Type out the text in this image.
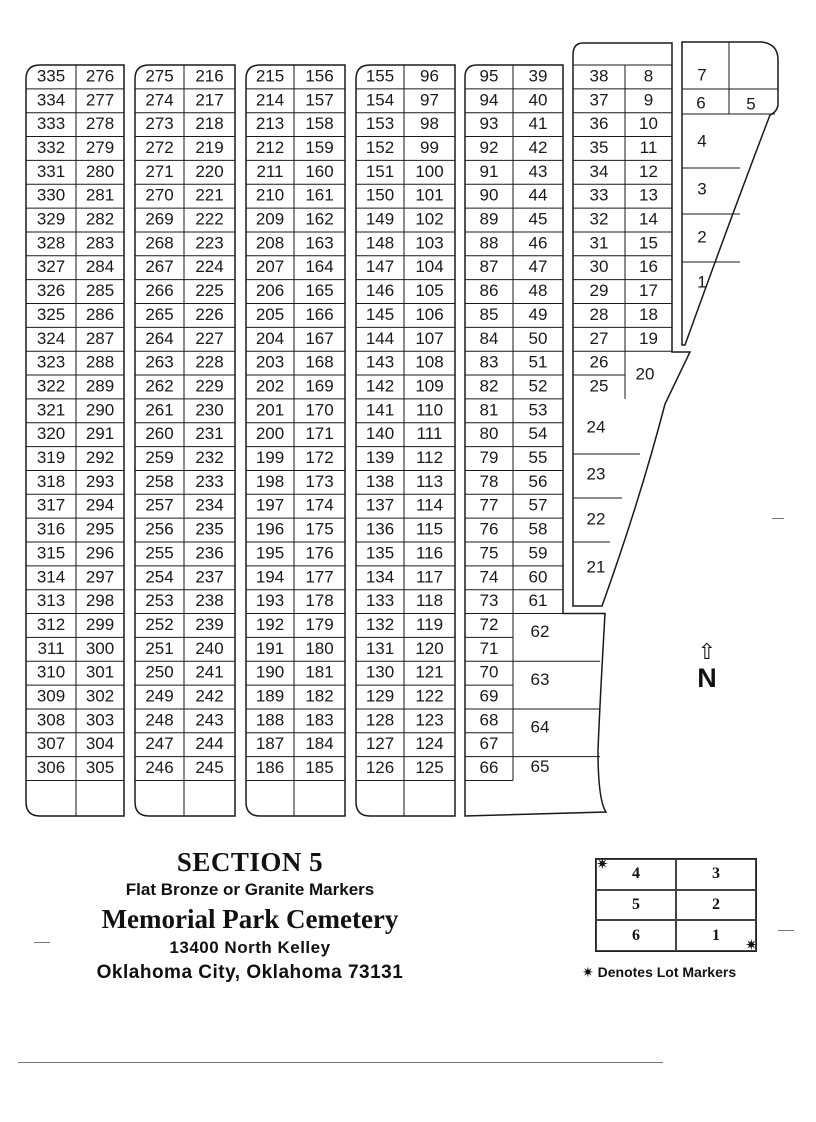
335 276
334 277
333 278
332 279
331 280
330 281
329 282
328 283
327 284
326 285
325 286
324 287
323 288
322 289
321 290
320 291
319 292
318 293
317 294
316 295
315 296
314 297
313 298
312 299
311 300
310 301
309 302
308 303
307 304
306 305
275 216
274 217
273 218
272 219
271 220
270 221
269 222
268 223
267 224
266 225
265 226
264 227
263 228
262 229
261 230
260 231
259 232
258 233
257 234
256 235
255 236
254 237
253 238
252 239
251 240
250 241
249 242
248 243
247 244
246 245
215 156
214 157
213 158
212 159
211 160
210 161
209 162
208 163
207 164
206 165
205 166
204 167
203 168
202 169
201 170
200 171
199 172
198 173
197 174
196 175
195 176
194 177
193 178
192 179
191 180
190 181
189 182
188 183
187 184
186 185
155 96
154 97
153 98
152 99
151 100
150 101
149 102
148 103
147 104
146 105
145 106
144 107
143 108
142 109
141 110
140 111
139 112
138 113
137 114
136 115
135 116
134 117
133 118
132 119
131 120
130 121
129 122
128 123
127 124
126 125
95 39
94 40
93 41
92 42
91 43
90 44
89 45
88 46
87 47
86 48
85 49
84 50
83 51
82 52
81 53
80 54
79 55
78 56
77 57
76 58
75 59
74 60
73 61
72
71
70
69
68
67
66
62
63
64
65
38 8
37 9
36 10
35 11
34 12
33 13
32 14
31 15
30 16
29 17
28 18
27 19
26
25
20
24
23
22
21
7
6 5
4
3
2
1
⇧
N

SECTION 5

Flat Bronze or Granite Markers

Memorial Park Cemetery

13400 North Kelley

Oklahoma City, Oklahoma 73131

4	3
5	2
6	1
✷
✷
✷ Denotes Lot Markers
